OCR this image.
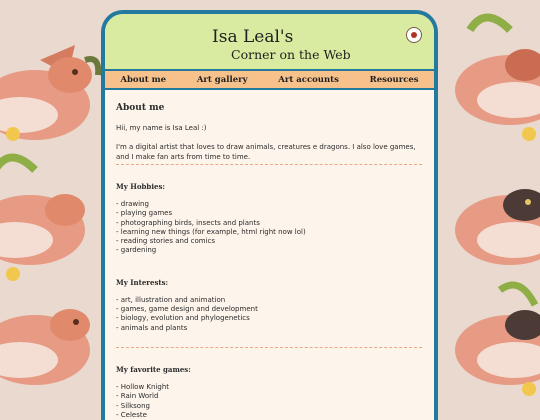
Isa Leal's
Corner on the Web
About me	Art gallery	Art accounts	Resources
About me

Hii, my name is Isa Leal :)

I'm a digital artist that loves to draw animals, creatures e dragons. I also love games, and I make fan arts from time to time.

My Hobbies:
- drawing
- playing games
- photographing birds, insects and plants
- learning new things (for example, html right now lol)
- reading stories and comics
- gardening
My Interests:
- art, illustration and animation
- games, game design and development
- biology, evolution and phylogenetics
- animals and plants
My favorite games:
- Hollow Knight
- Rain World
- Silksong
- Celeste
